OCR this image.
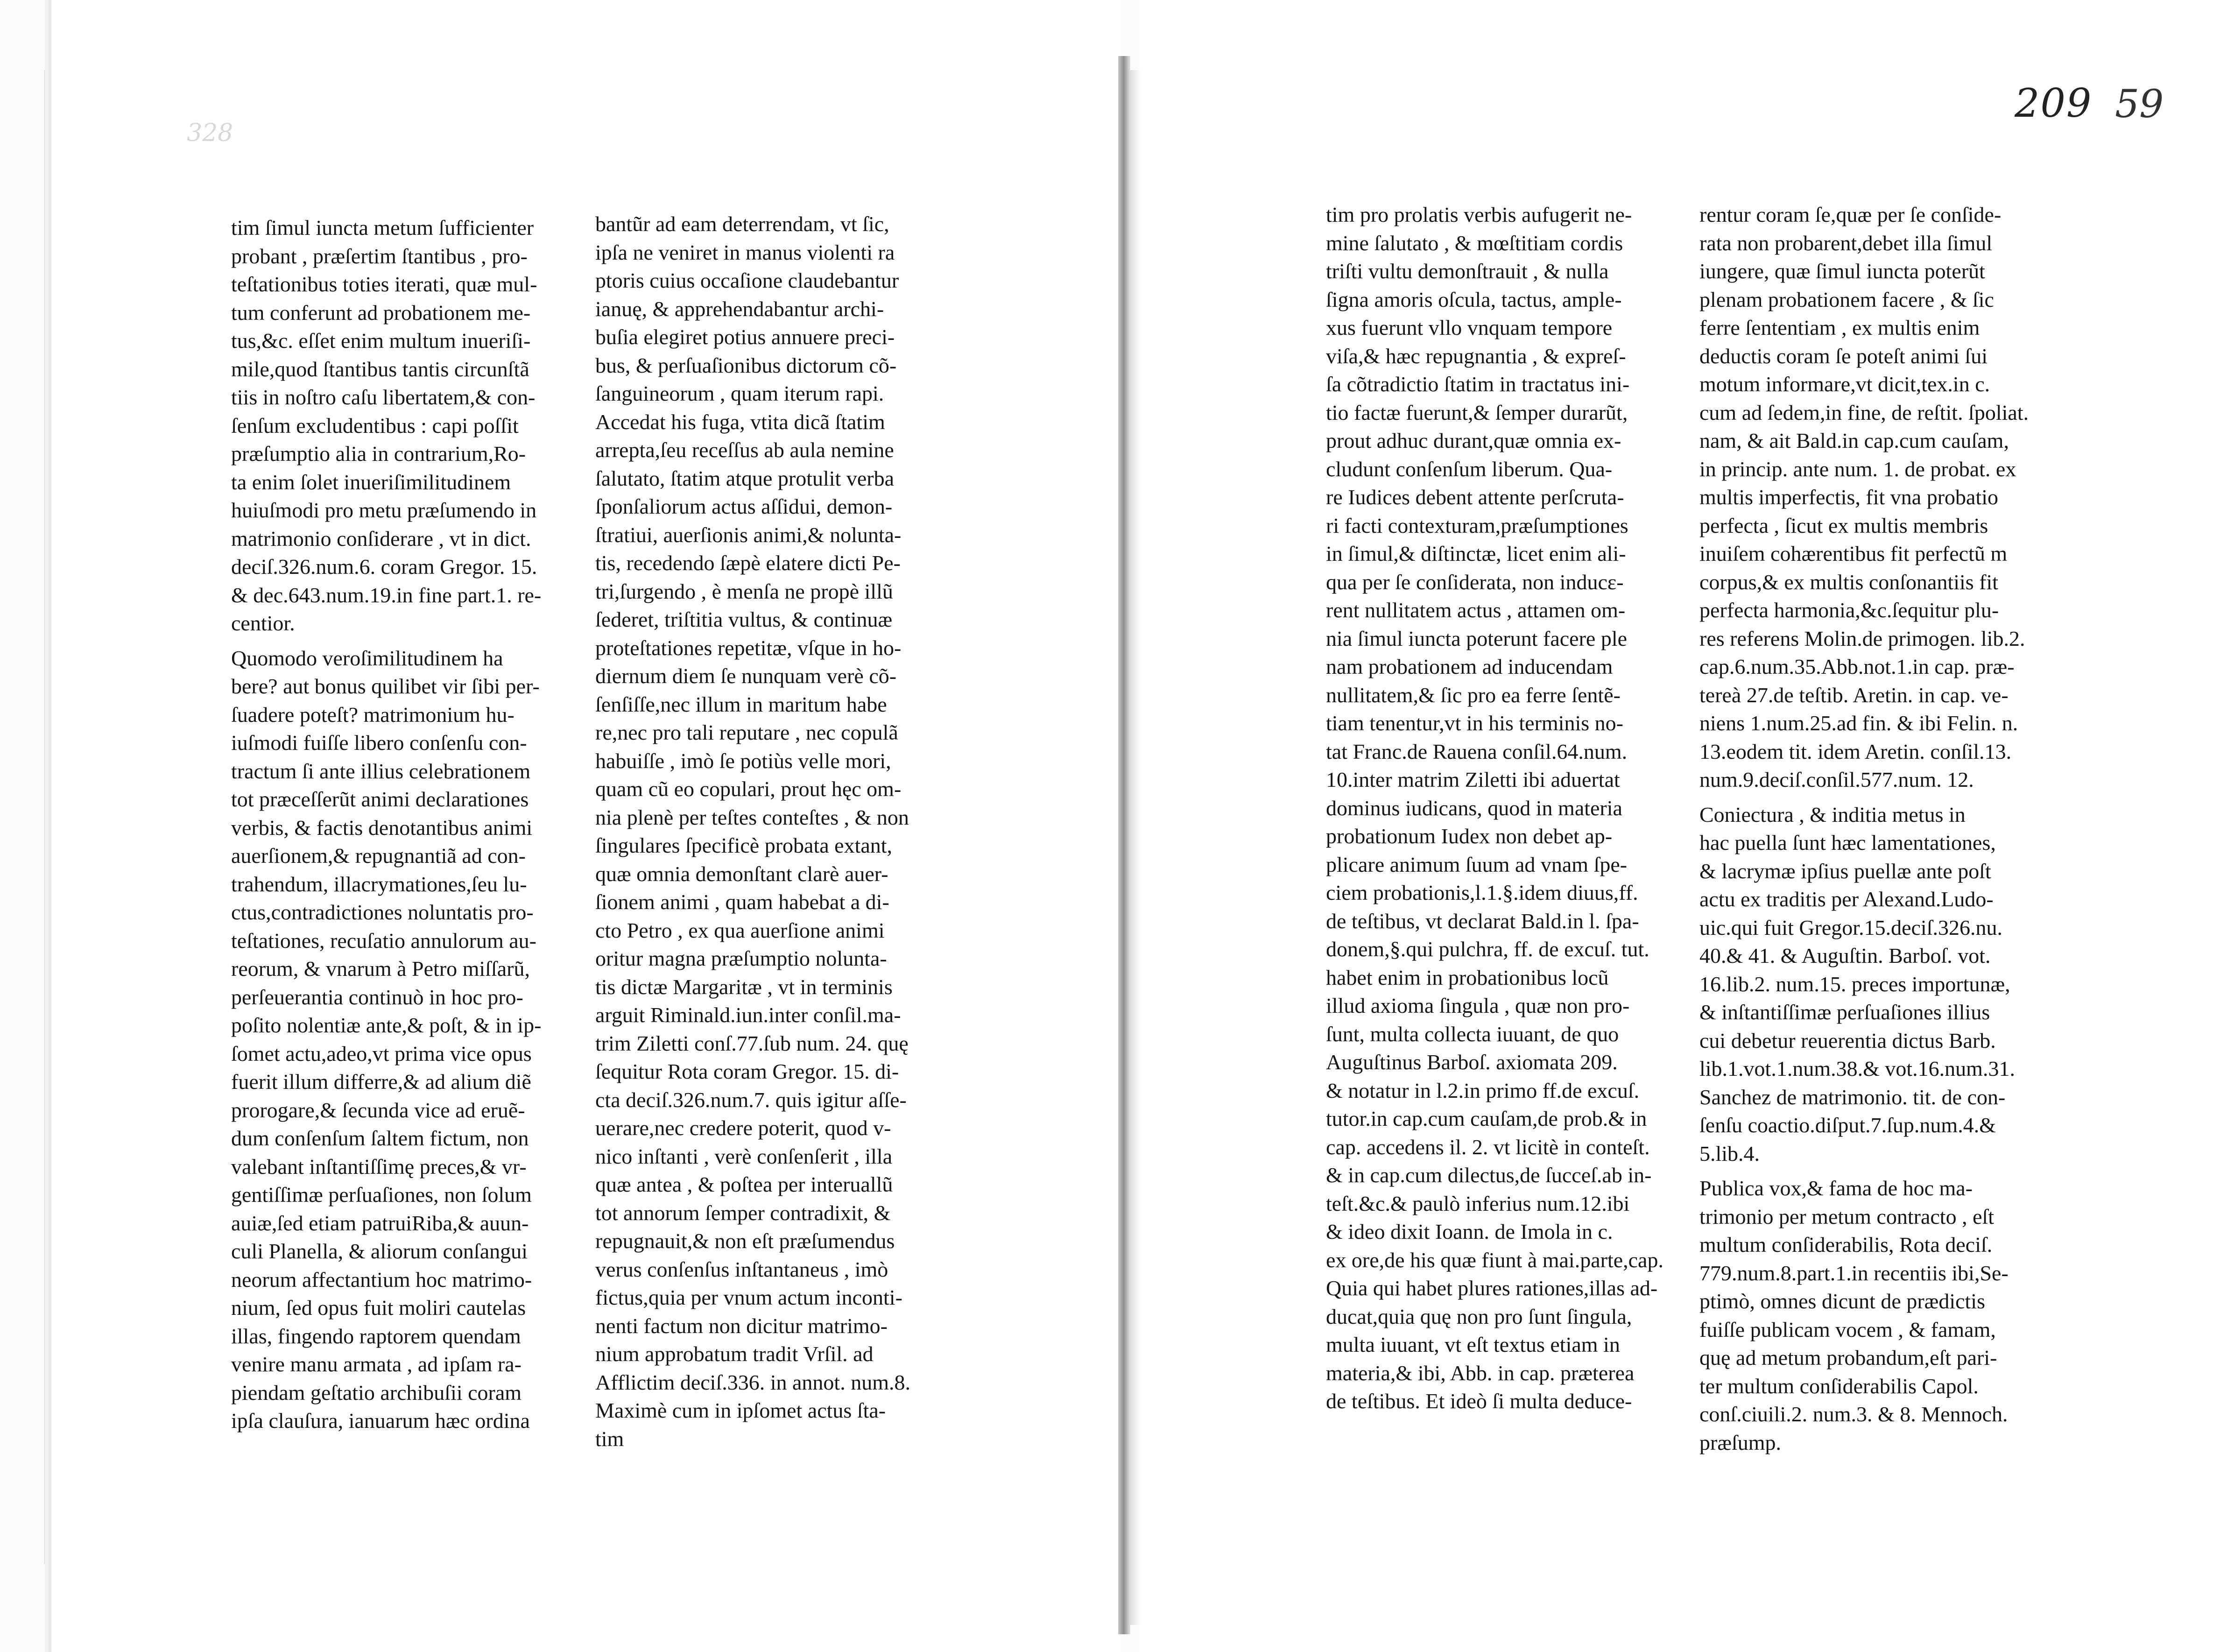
328
209 59
tim ſimul iuncta metum ſufficienter
probant , præſertim ſtantibus , pro-
teſtationibus toties iterati, quæ mul-
tum conferunt ad probationem me-
tus,&c. eſſet enim multum inueriſi-
mile,quod ſtantibus tantis circunſtã
tiis in noſtro caſu libertatem,& con-
ſenſum excludentibus : capi poſſit
præſumptio alia in contrarium,Ro-
ta enim ſolet inueriſimilitudinem
huiuſmodi pro metu præſumendo in
matrimonio conſiderare , vt in dict.
deciſ.326.num.6. coram Gregor. 15.
& dec.643.num.19.in fine part.1. re-
centior.
Quomodo veroſimilitudinem ha
bere? aut bonus quilibet vir ſibi per-
ſuadere poteſt? matrimonium hu-
iuſmodi fuiſſe libero conſenſu con-
tractum ſi ante illius celebrationem
tot præceſſerũt animi declarationes
verbis, & factis denotantibus animi
auerſionem,& repugnantiã ad con-
trahendum, illacrymationes,ſeu lu-
ctus,contradictiones noluntatis pro-
teſtationes, recuſatio annulorum au-
reorum, & vnarum à Petro miſſarũ,
perſeuerantia continuò in hoc pro-
poſito nolentiæ ante,& poſt, & in ip-
ſomet actu,adeo,vt prima vice opus
fuerit illum differre,& ad alium diẽ
prorogare,& ſecunda vice ad eruẽ-
dum conſenſum ſaltem fictum, non
valebant inſtantiſſimę preces,& vr-
gentiſſimæ perſuaſiones, non ſolum
auiæ,ſed etiam patruiRiba,& auun-
culi Planella, & aliorum conſangui
neorum affectantium hoc matrimo-
nium, ſed opus fuit moliri cautelas
illas, fingendo raptorem quendam
venire manu armata , ad ipſam ra-
piendam geſtatio archibuſii coram
ipſa clauſura, ianuarum hæc ordina
bantũr ad eam deterrendam, vt ſic,
ipſa ne veniret in manus violenti ra
ptoris cuius occaſione claudebantur
ianuę, & apprehendabantur archi-
buſia elegiret potius annuere preci-
bus, & perſuaſionibus dictorum cõ-
ſanguineorum , quam iterum rapi.
Accedat his fuga, vtita dicã ſtatim
arrepta,ſeu receſſus ab aula nemine
ſalutato, ſtatim atque protulit verba
ſponſaliorum actus aſſidui, demon-
ſtratiui, auerſionis animi,& nolunta-
tis, recedendo ſæpè elatere dicti Pe-
tri,ſurgendo , è menſa ne propè illũ
ſederet, triſtitia vultus, & continuæ
proteſtationes repetitæ, vſque in ho-
diernum diem ſe nunquam verè cõ-
ſenſiſſe,nec illum in maritum habe
re,nec pro tali reputare , nec copulã
habuiſſe , imò ſe potiùs velle mori,
quam cũ eo copulari, prout hęc om-
nia plenè per teſtes conteſtes , & non
ſingulares ſpecificè probata extant,
quæ omnia demonſtant clarè auer-
ſionem animi , quam habebat a di-
cto Petro , ex qua auerſione animi
oritur magna præſumptio nolunta-
tis dictæ Margaritæ , vt in terminis
arguit Riminald.iun.inter conſil.ma-
trim Ziletti conſ.77.ſub num. 24. quę
ſequitur Rota coram Gregor. 15. di-
cta deciſ.326.num.7. quis igitur aſſe-
uerare,nec credere poterit, quod v-
nico inſtanti , verè conſenſerit , illa
quæ antea , & poſtea per interuallũ
tot annorum ſemper contradixit, &
repugnauit,& non eſt præſumendus
verus conſenſus inſtantaneus , imò
fictus,quia per vnum actum inconti-
nenti factum non dicitur matrimo-
nium approbatum tradit Vrſil. ad
Afflictim deciſ.336. in annot. num.8.
Maximè cum in ipſomet actus ſta-
tim
tim pro prolatis verbis aufugerit ne-
mine ſalutato , & mœſtitiam cordis
triſti vultu demonſtrauit , & nulla
ſigna amoris oſcula, tactus, ample-
xus fuerunt vllo vnquam tempore
viſa,& hæc repugnantia , & expreſ-
ſa cõtradictio ſtatim in tractatus ini-
tio factæ fuerunt,& ſemper durarũt,
prout adhuc durant,quæ omnia ex-
cludunt conſenſum liberum. Qua-
re Iudices debent attente perſcruta-
ri facti contexturam,præſumptiones
in ſimul,& diſtinctæ, licet enim ali-
qua per ſe conſiderata, non inducε-
rent nullitatem actus , attamen om-
nia ſimul iuncta poterunt facere ple
nam probationem ad inducendam
nullitatem,& ſic pro ea ferre ſentẽ-
tiam tenentur,vt in his terminis no-
tat Franc.de Rauena conſil.64.num.
10.inter matrim Ziletti ibi aduertat
dominus iudicans, quod in materia
probationum Iudex non debet ap-
plicare animum ſuum ad vnam ſpe-
ciem probationis,l.1.§.idem diuus,ff.
de teſtibus, vt declarat Bald.in l. ſpa-
donem,§.qui pulchra, ff. de excuſ. tut.
habet enim in probationibus locũ
illud axioma ſingula , quæ non pro-
ſunt, multa collecta iuuant, de quo
Auguſtinus Barboſ. axiomata 209.
& notatur in l.2.in primo ff.de excuſ.
tutor.in cap.cum cauſam,de prob.& in
cap. accedens il. 2. vt licitè in conteſt.
& in cap.cum dilectus,de ſucceſ.ab in-
teſt.&c.& paulò inferius num.12.ibi
& ideo dixit Ioann. de Imola in c.
ex ore,de his quæ fiunt à mai.parte,cap.
Quia qui habet plures rationes,illas ad-
ducat,quia quę non pro ſunt ſingula,
multa iuuant, vt eſt textus etiam in
materia,& ibi, Abb. in cap. præterea
de teſtibus. Et ideò ſi multa deduce-
rentur coram ſe,quæ per ſe conſide-
rata non probarent,debet illa ſimul
iungere, quæ ſimul iuncta poterũt
plenam probationem facere , & ſic
ferre ſententiam , ex multis enim
deductis coram ſe poteſt animi ſui
motum informare,vt dicit,tex.in c.
cum ad ſedem,in fine, de reſtit. ſpoliat.
nam, & ait Bald.in cap.cum cauſam,
in princip. ante num. 1. de probat. ex
multis imperfectis, fit vna probatio
perfecta , ſicut ex multis membris
inuiſem cohærentibus fit perfectũ m
corpus,& ex multis conſonantiis fit
perfecta harmonia,&c.ſequitur plu-
res referens Molin.de primogen. lib.2.
cap.6.num.35.Abb.not.1.in cap. præ-
tereà 27.de teſtib. Aretin. in cap. ve-
niens 1.num.25.ad fin. & ibi Felin. n.
13.eodem tit. idem Aretin. conſil.13.
num.9.deciſ.conſil.577.num. 12.
Coniectura , & inditia metus in
hac puella ſunt hæc lamentationes,
& lacrymæ ipſius puellæ ante poſt
actu ex traditis per Alexand.Ludo-
uic.qui fuit Gregor.15.deciſ.326.nu.
40.& 41. & Auguſtin. Barboſ. vot.
16.lib.2. num.15. preces importunæ,
& inſtantiſſimæ perſuaſiones illius
cui debetur reuerentia dictus Barb.
lib.1.vot.1.num.38.& vot.16.num.31.
Sanchez de matrimonio. tit. de con-
ſenſu coactio.diſput.7.ſup.num.4.&
5.lib.4.
Publica vox,& fama de hoc ma-
trimonio per metum contracto , eſt
multum conſiderabilis, Rota deciſ.
779.num.8.part.1.in recentiis ibi,Se-
ptimò, omnes dicunt de prædictis
fuiſſe publicam vocem , & famam,
quę ad metum probandum,eſt pari-
ter multum conſiderabilis Capol.
conſ.ciuili.2. num.3. & 8. Mennoch.
præſump.
